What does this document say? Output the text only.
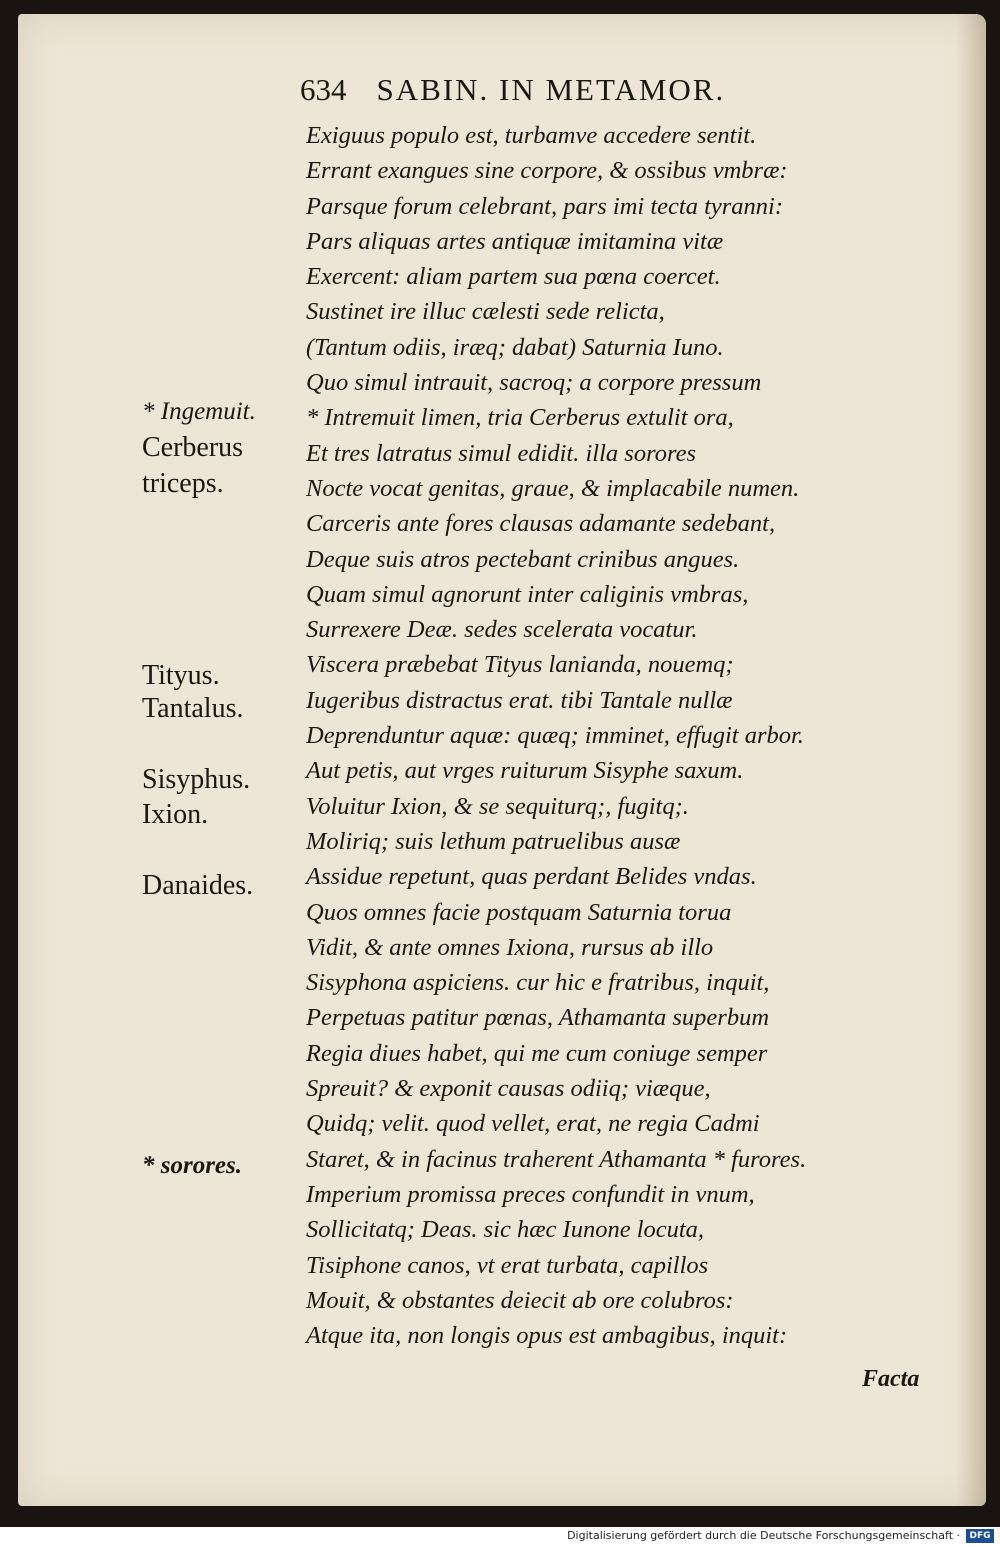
634 SABIN. IN METAMOR.
Exiguus populo est, turbamve accedere sentit.
Errant exangues sine corpore, & ossibus vmbræ:
Parsque forum celebrant, pars imi tecta tyranni:
Pars aliquas artes antiquæ imitamina vitæ
Exercent: aliam partem sua pœna coercet.
Sustinet ire illuc cælesti sede relicta,
(Tantum odiis, iræq; dabat) Saturnia Iuno.
Quo simul intrauit, sacroq; a corpore pressum
* Intremuit limen, tria Cerberus extulit ora,
Et tres latratus simul edidit. illa sorores
Nocte vocat genitas, graue, & implacabile numen.
Carceris ante fores clausas adamante sedebant,
Deque suis atros pectebant crinibus angues.
Quam simul agnorunt inter caliginis vmbras,
Surrexere Deæ. sedes scelerata vocatur.
Viscera præbebat Tityus lanianda, nouemq;
Iugeribus distractus erat. tibi Tantale nullæ
Deprenduntur aquæ: quæq; imminet, effugit arbor.
Aut petis, aut vrges ruiturum Sisyphe saxum.
Voluitur Ixion, & se sequiturq;, fugitq;.
Moliriq; suis lethum patruelibus ausæ
Assidue repetunt, quas perdant Belides vndas.
Quos omnes facie postquam Saturnia torua
Vidit, & ante omnes Ixiona, rursus ab illo
Sisyphona aspiciens. cur hic e fratribus, inquit,
Perpetuas patitur pœnas, Athamanta superbum
Regia diues habet, qui me cum coniuge semper
Spreuit? & exponit causas odiiq; viæque,
Quidq; velit. quod vellet, erat, ne regia Cadmi
Staret, & in facinus traherent Athamanta * furores.
Imperium promissa preces confundit in vnum,
Sollicitatq; Deas. sic hæc Iunone locuta,
Tisiphone canos, vt erat turbata, capillos
Mouit, & obstantes deiecit ab ore colubros:
Atque ita, non longis opus est ambagibus, inquit:
* Ingemuit.
Cerberus
triceps.
Tityus.
Tantalus.
Sisyphus.
Ixion.
Danaides.
* sorores.
Facta
Digitalisierung gefördert durch die Deutsche Forschungsgemeinschaft ·	DFG
